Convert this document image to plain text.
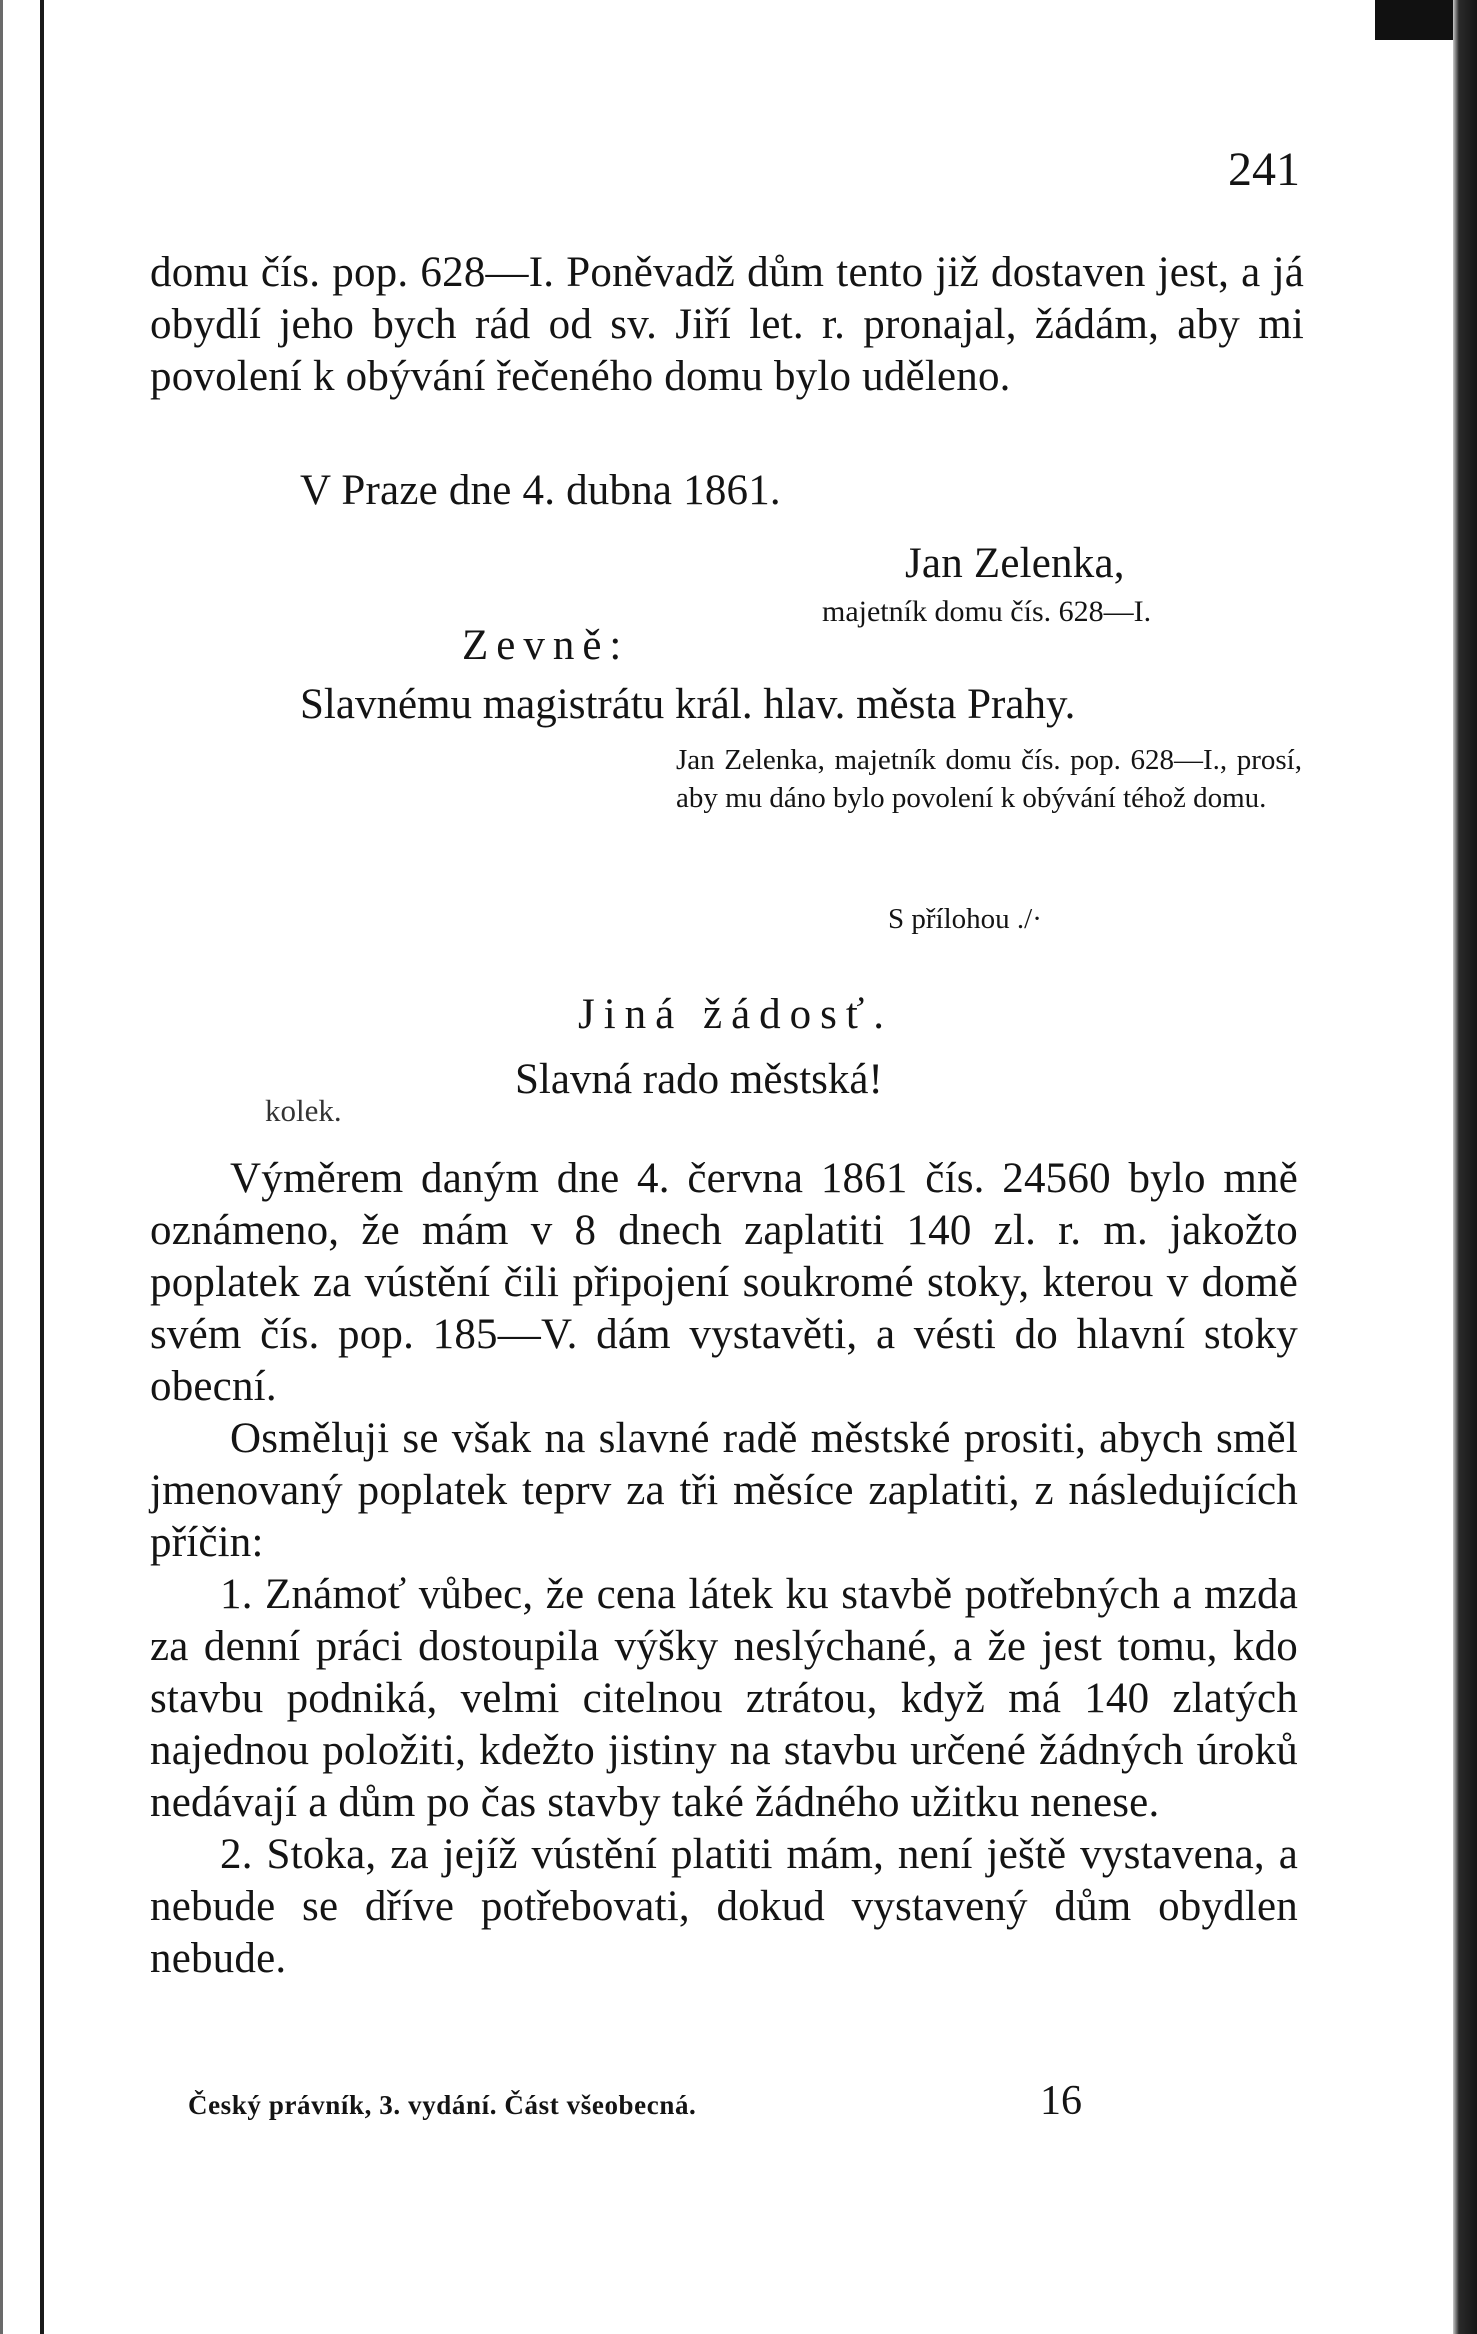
241

domu čís. pop. 628—I. Poněvadž dům tento již dostaven jest, a já obydlí jeho bych rád od sv. Jiří let. r. pronajal, žádám, aby mi povolení k obývání řečeného domu bylo uděleno.

V Praze dne 4. dubna 1861.
Jan Zelenka,
majetník domu čís. 628—I.
Zevně:
Slavnému magistrátu král. hlav. města Prahy.

Jan Zelenka, majetník domu čís. pop. 628—I., prosí, aby mu dáno bylo povolení k obývání téhož domu.

S přílohou ./·
Jiná žádosť.
Slavná rado městská!
kolek.

Výměrem daným dne 4. června 1861 čís. 24560 bylo mně oznámeno, že mám v 8 dnech zaplatiti 140 zl. r. m. jakožto poplatek za vústění čili připojení soukromé stoky, kterou v domě svém čís. pop. 185—V. dám vystavěti, a vésti do hlavní stoky obecní.

Osměluji se však na slavné radě městské prositi, abych směl jmenovaný poplatek teprv za tři měsíce zaplatiti, z následujících příčin:

1. Známoť vůbec, že cena látek ku stavbě potřebných a mzda za denní práci dostoupila výšky neslýchané, a že jest tomu, kdo stavbu podniká, velmi citelnou ztrátou, když má 140 zlatých najednou položiti, kdežto jistiny na stavbu určené žádných úroků nedávají a dům po čas stavby také žádného užitku nenese.

2. Stoka, za jejíž vústění platiti mám, není ještě vystavena, a nebude se dříve potřebovati, dokud vystavený dům obydlen nebude.

Český právník, 3. vydání. Část všeobecná.	16
